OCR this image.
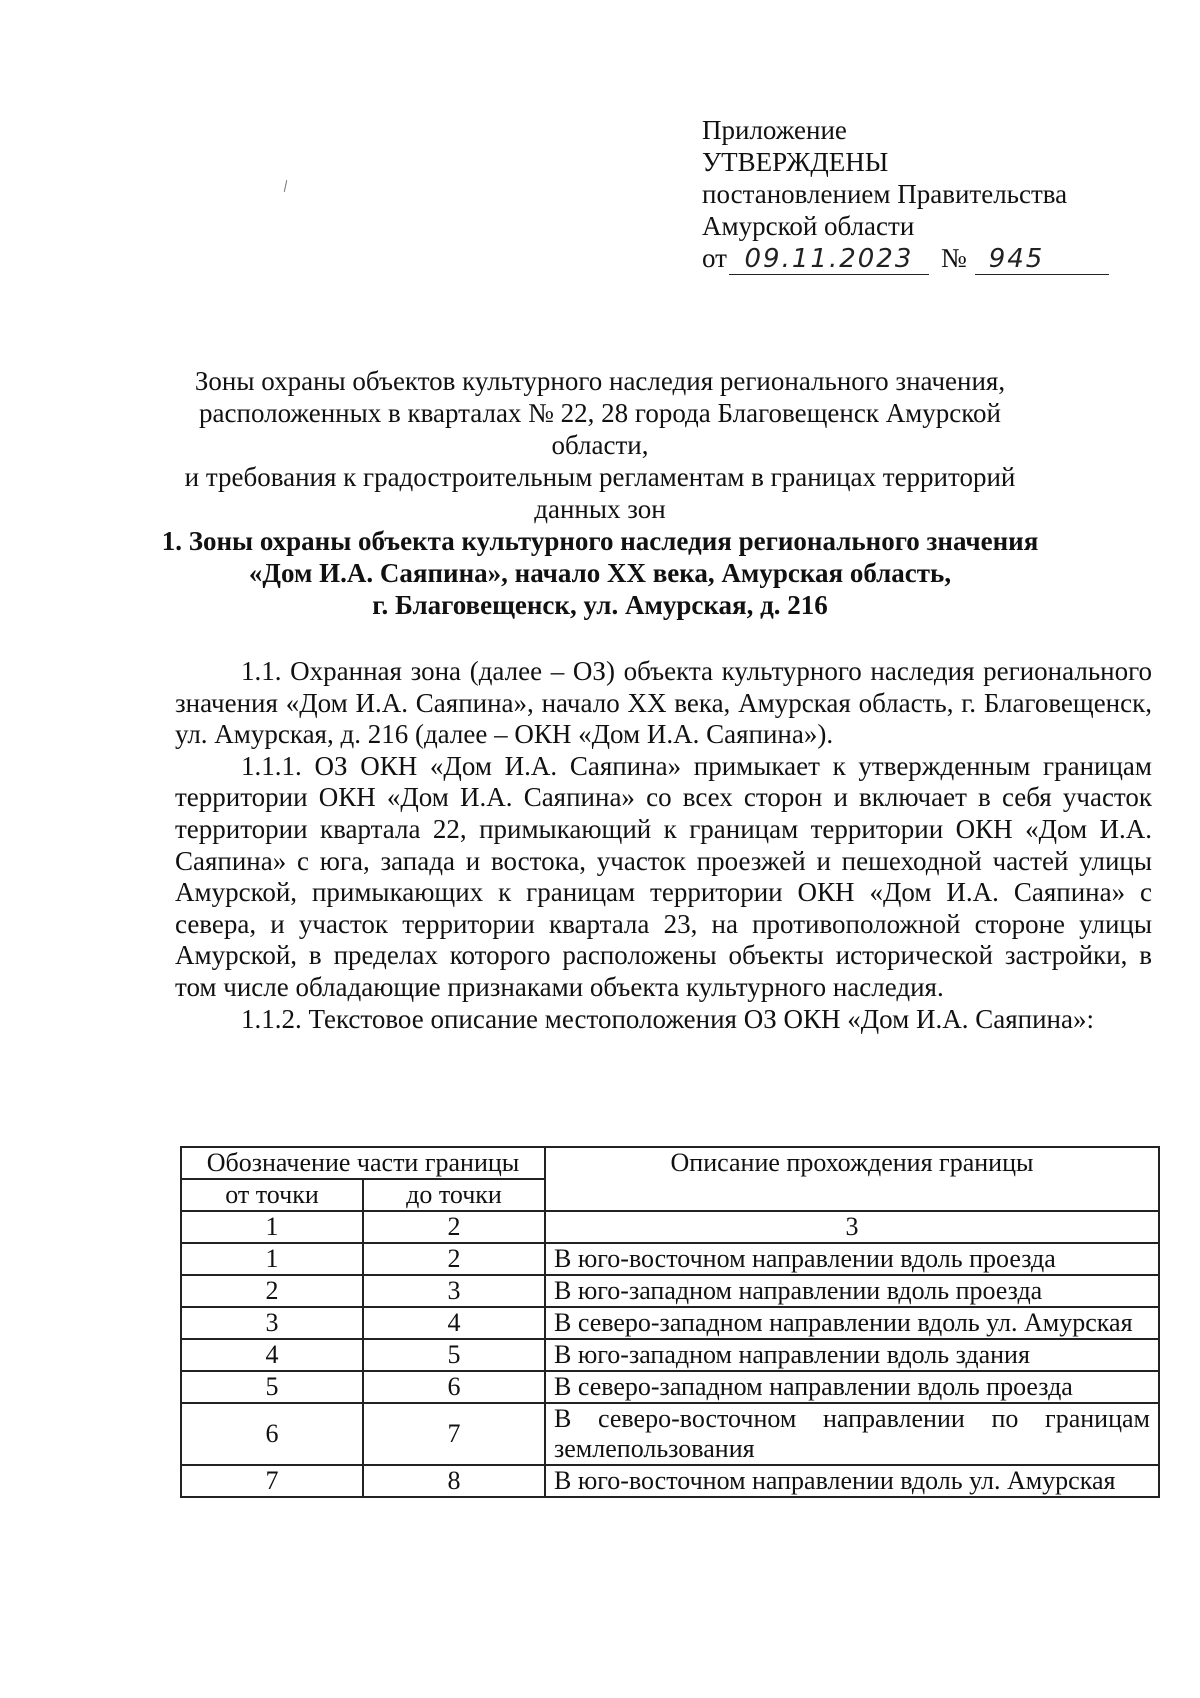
Приложение
УТВЕРЖДЕНЫ
постановлением Правительства
Амурской области
от 09.11.2023	№ 945
Зоны охраны объектов культурного наследия регионального значения,
расположенных в кварталах № 22, 28 города Благовещенск Амурской области,
и требования к градостроительным регламентам в границах территорий
данных зон
1. Зоны охраны объекта культурного наследия регионального значения
«Дом И.А. Саяпина», начало XX века, Амурская область,
г. Благовещенск, ул. Амурская, д. 216

1.1. Охранная зона (далее – ОЗ) объекта культурного наследия регионального значения «Дом И.А. Саяпина», начало XX века, Амурская область, г. Благовещенск, ул. Амурская, д. 216 (далее – ОКН «Дом И.А. Саяпина»).

1.1.1. ОЗ ОКН «Дом И.А. Саяпина» примыкает к утвержденным границам территории ОКН «Дом И.А. Саяпина» со всех сторон и включает в себя участок территории квартала 22, примыкающий к границам территории ОКН «Дом И.А. Саяпина» с юга, запада и востока, участок проезжей и пешеходной частей улицы Амурской, примыкающих к границам территории ОКН «Дом И.А. Саяпина» с севера, и участок территории квартала 23, на противоположной стороне улицы Амурской, в пределах которого расположены объекты исторической застройки, в том числе обладающие признаками объекта культурного наследия.

1.1.2. Текстовое описание местоположения ОЗ ОКН «Дом И.А. Саяпина»:

Обозначение части границы		Описание прохождения границы
от точки	до точки	
1	2	3
1	2	В юго-восточном направлении вдоль проезда
2	3	В юго-западном направлении вдоль проезда
3	4	В северо-западном направлении вдоль ул. Амурская
4	5	В юго-западном направлении вдоль здания
5	6	В северо-западном направлении вдоль проезда
6	7	В северо-восточном направлении по границам землепользования
7	8	В юго-восточном направлении вдоль ул. Амурская
